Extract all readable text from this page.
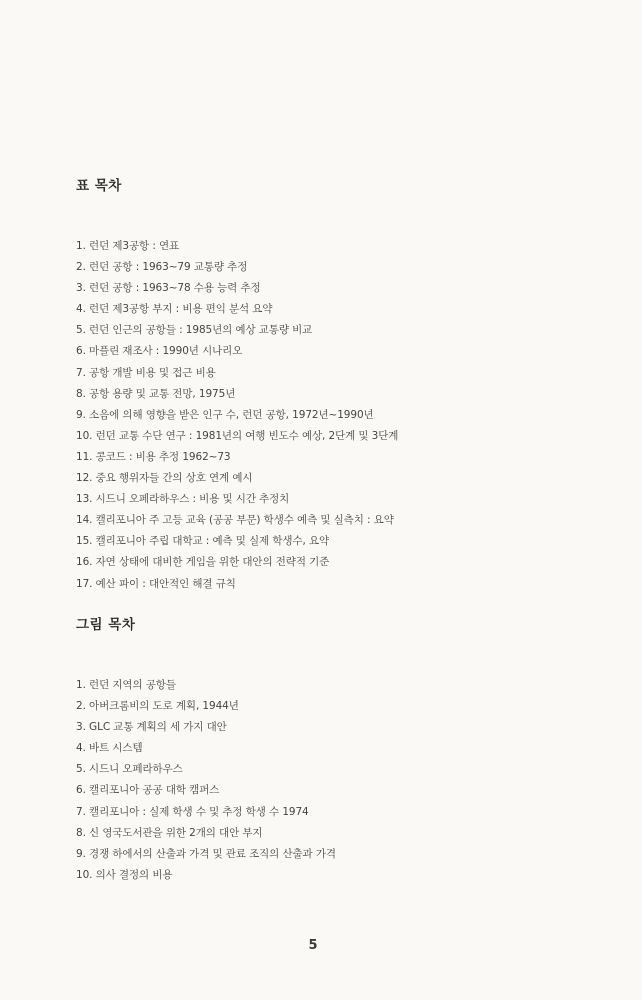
표 목차
1. 런던 제3공항 : 연표
2. 런던 공항 : 1963~79 교통량 추정
3. 런던 공항 : 1963~78 수용 능력 추정
4. 런던 제3공항 부지 : 비용 편익 분석 요약
5. 런던 인근의 공항들 : 1985년의 예상 교통량 비교
6. 마플린 재조사 : 1990년 시나리오
7. 공항 개발 비용 및 접근 비용
8. 공항 용량 및 교통 전망, 1975년
9. 소음에 의해 영향을 받은 인구 수, 런던 공항, 1972년~1990년
10. 런던 교통 수단 연구 : 1981년의 여행 빈도수 예상, 2단계 및 3단계
11. 콩코드 : 비용 추정 1962~73
12. 중요 행위자들 간의 상호 연계 예시
13. 시드니 오페라하우스 : 비용 및 시간 추정치
14. 캘리포니아 주 고등 교육 (공공 부문) 학생수 예측 및 실측치 : 요약
15. 캘리포니아 주립 대학교 : 예측 및 실제 학생수, 요약
16. 자연 상태에 대비한 게임을 위한 대안의 전략적 기준
17. 예산 파이 : 대안적인 해결 규칙
그림 목차
1. 런던 지역의 공항들
2. 아버크롬비의 도로 계획, 1944년
3. GLC 교통 계획의 세 가지 대안
4. 바트 시스템
5. 시드니 오페라하우스
6. 캘리포니아 공공 대학 캠퍼스
7. 캘리포니아 : 실제 학생 수 및 추정 학생 수 1974
8. 신 영국도서관을 위한 2개의 대안 부지
9. 경쟁 하에서의 산출과 가격 및 관료 조직의 산출과 가격
10. 의사 결정의 비용
5
